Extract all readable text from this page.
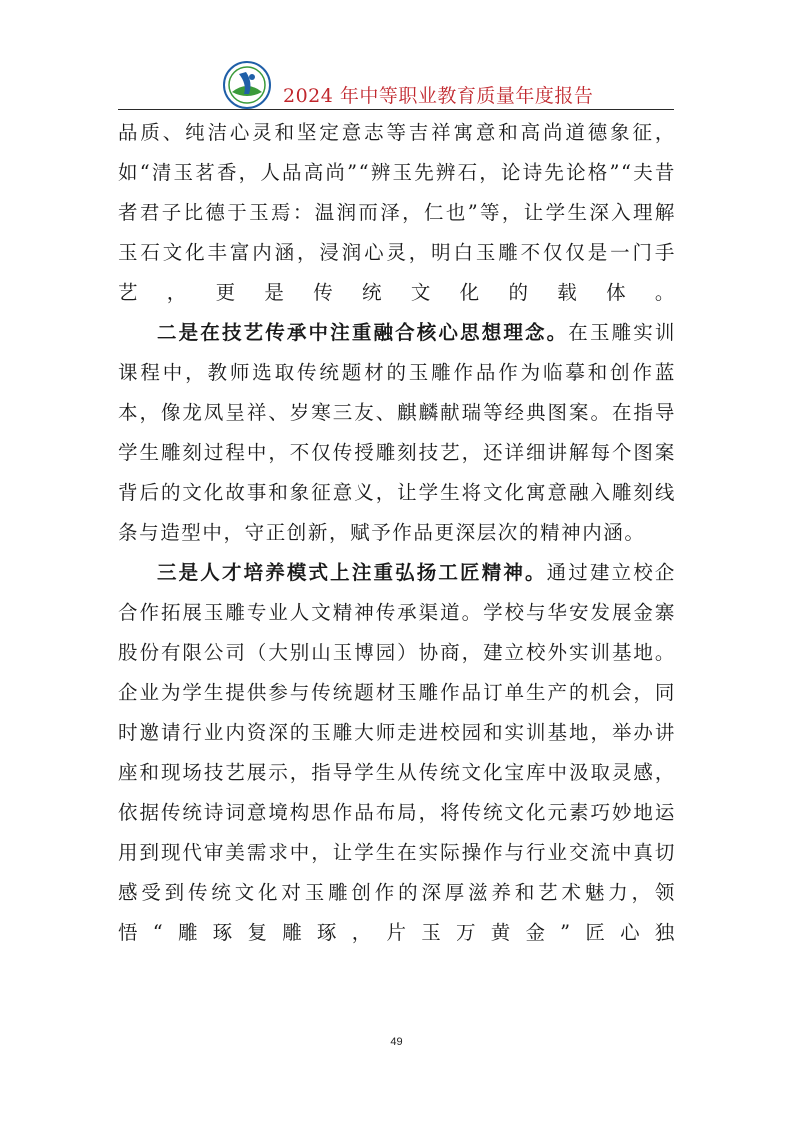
2024 年中等职业教育质量年度报告

品质、纯洁心灵和坚定意志等吉祥寓意和高尚道德象征，如“清玉茗香，人品高尚”“辨玉先辨石，论诗先论格”“夫昔者君子比德于玉焉：温润而泽，仁也”等，让学生深入理解玉石文化丰富内涵，浸润心灵，明白玉雕不仅仅是一门手艺，更是传统文化的载体。

二是在技艺传承中注重融合核心思想理念。在玉雕实训课程中，教师选取传统题材的玉雕作品作为临摹和创作蓝本，像龙凤呈祥、岁寒三友、麒麟献瑞等经典图案。在指导学生雕刻过程中，不仅传授雕刻技艺，还详细讲解每个图案背后的文化故事和象征意义，让学生将文化寓意融入雕刻线条与造型中，守正创新，赋予作品更深层次的精神内涵。

三是人才培养模式上注重弘扬工匠精神。通过建立校企合作拓展玉雕专业人文精神传承渠道。学校与华安发展金寨股份有限公司（大别山玉博园）协商，建立校外实训基地。企业为学生提供参与传统题材玉雕作品订单生产的机会，同时邀请行业内资深的玉雕大师走进校园和实训基地，举办讲座和现场技艺展示，指导学生从传统文化宝库中汲取灵感，依据传统诗词意境构思作品布局，将传统文化元素巧妙地运用到现代审美需求中，让学生在实际操作与行业交流中真切感受到传统文化对玉雕创作的深厚滋养和艺术魅力，领悟“雕琢复雕琢，片玉万黄金”匠心独

49
